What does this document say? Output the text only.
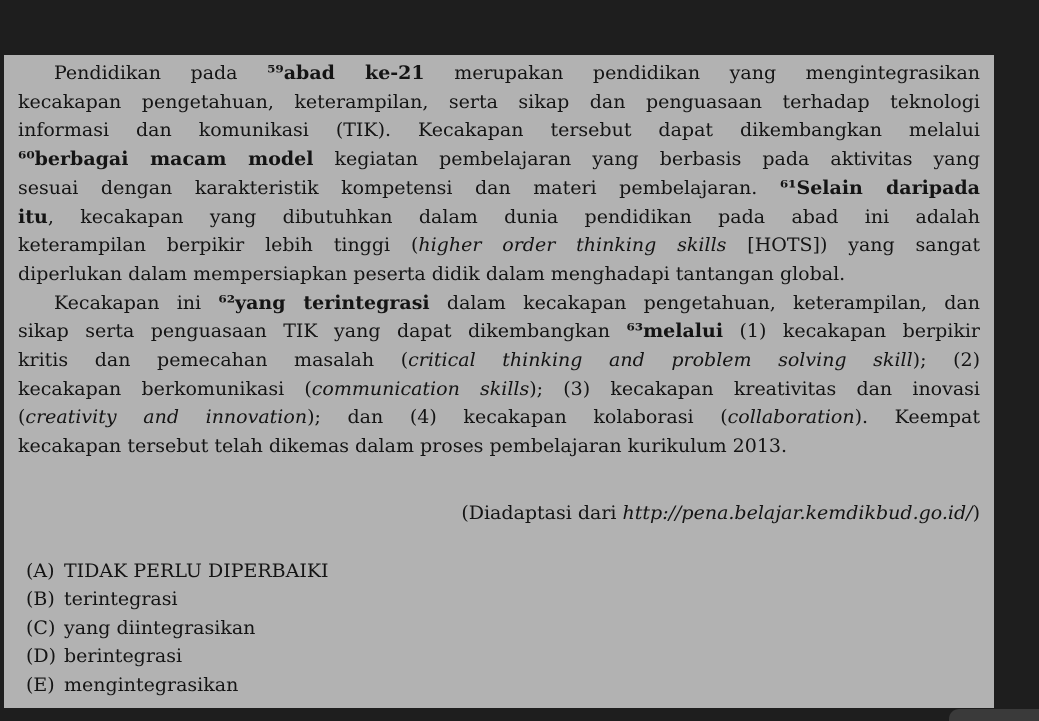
Pendidikan pada ⁵⁹abad ke-21 merupakan pendidikan yang mengintegrasikan
kecakapan pengetahuan, keterampilan, serta sikap dan penguasaan terhadap teknologi
informasi dan komunikasi (TIK). Kecakapan tersebut dapat dikembangkan melalui
⁶⁰berbagai macam model kegiatan pembelajaran yang berbasis pada aktivitas yang
sesuai dengan karakteristik kompetensi dan materi pembelajaran. ⁶¹Selain daripada
itu, kecakapan yang dibutuhkan dalam dunia pendidikan pada abad ini adalah
keterampilan berpikir lebih tinggi (higher order thinking skills [HOTS]) yang sangat
diperlukan dalam mempersiapkan peserta didik dalam menghadapi tantangan global.
Kecakapan ini ⁶²yang terintegrasi dalam kecakapan pengetahuan, keterampilan, dan
sikap serta penguasaan TIK yang dapat dikembangkan ⁶³melalui (1) kecakapan berpikir
kritis dan pemecahan masalah (critical thinking and problem solving skill); (2)
kecakapan berkomunikasi (communication skills); (3) kecakapan kreativitas dan inovasi
(creativity and innovation); dan (4) kecakapan kolaborasi (collaboration). Keempat
kecakapan tersebut telah dikemas dalam proses pembelajaran kurikulum 2013.
(Diadaptasi dari http://pena.belajar.kemdikbud.go.id/)
(A) TIDAK PERLU DIPERBAIKI
(B) terintegrasi
(C) yang diintegrasikan
(D) berintegrasi
(E) mengintegrasikan
